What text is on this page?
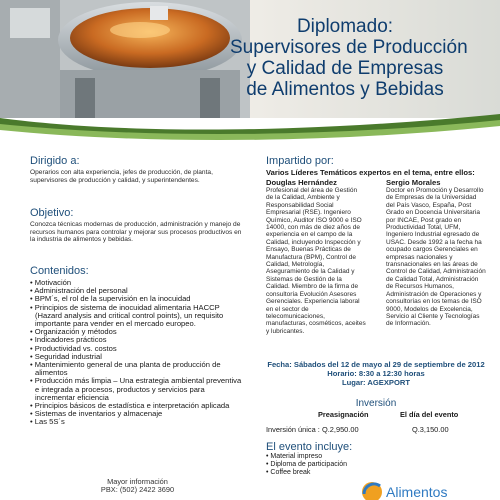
Diplomado:
Supervisores de Producción
y Calidad de Empresas
de Alimentos y Bebidas
Dirigido a:

Operarios con alta experiencia, jefes de producción, de planta, supervisores de producción y calidad, y superintendentes.

Objetivo:

Conozca técnicas modernas de producción, administración y manejo de recursos humanos para controlar y mejorar sus procesos productivos en la industria de alimentos y bebidas.

Contenidos:
• Motivación
• Administración del personal
• BPM´s, el rol de la supervisión en la inocuidad
• Principios de sistema de inocuidad alimentaria HACCP (Hazard analysis and critical control points), un requisito importante para vender en el mercado europeo.
• Organización y métodos
• Indicadores prácticos
• Productividad vs. costos
• Seguridad industrial
• Mantenimiento general de una planta de producción de alimentos
• Producción más limpia – Una estrategia ambiental preventiva e integrada a procesos, productos y servicios para incrementar eficiencia
• Principios básicos de estadística e interpretación aplicada
• Sistemas de inventarios y almacenaje
• Las 5S´s
Impartido por:
Varios Líderes Temáticos expertos en el tema, entre ellos:
Douglas Hernández
Profesional del área de Gestión de la Calidad, Ambiente y Responsabilidad Social Empresarial (RSE). Ingeniero Químico, Auditor ISO 9000 e ISO 14000, con más de diez años de experiencia en el campo de la Calidad, incluyendo Inspección y Ensayo, Buenas Prácticas de Manufactura (BPM), Control de Calidad, Metrología, Aseguramiento de la Calidad y Sistemas de Gestión de la Calidad. Miembro de la firma de consultoría Evolución Asesores Gerenciales. Experiencia laboral en el sector de telecomunicaciones, manufacturas, cosméticos, aceites y lubricantes.
Sergio Morales
Doctor en Promoción y Desarrollo de Empresas de la Universidad del País Vasco, España, Post Grado en Docencia Universitaria por INCAE, Post grado en Productividad Total, UFM, Ingeniero Industrial egresado de USAC. Desde 1992 a la fecha ha ocupado cargos Gerenciales en empresas nacionales y transnacionales en las áreas de Control de Calidad, Administración de Calidad Total, Administración de Recursos Humanos, Administración de Operaciones y consultorías en los temas de ISO 9000, Modelos de Excelencia, Servicio al Cliente y Tecnologías de Información.
Fecha: Sábados del 12 de mayo al 29 de septiembre de 2012
Horario: 8:30 a 12:30 horas
Lugar: AGEXPORT
Inversión
Preasignación	El día del evento
Inversión única : Q.2,950.00	Q.3,150.00
El evento incluye:
• Material impreso
• Diploma de participación
• Coffee break
Mayor información
PBX: (502) 2422 3690	Alimentos
